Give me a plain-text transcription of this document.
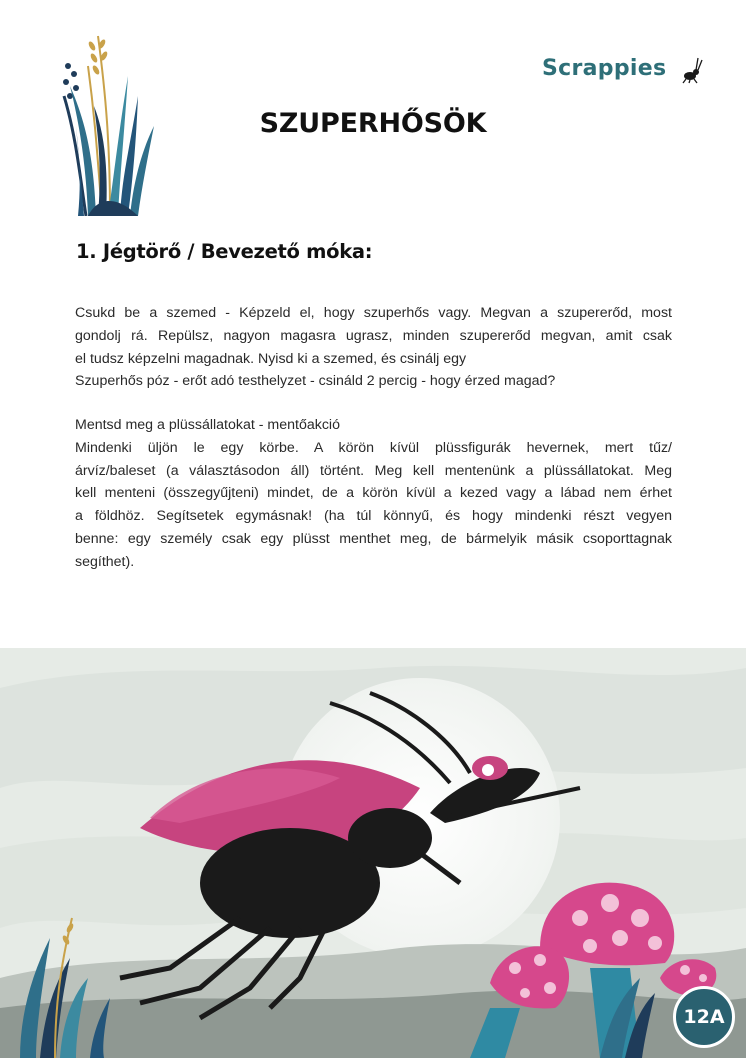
Scrappies
SZUPERHŐSÖK
1. Jégtörő / Bevezető móka:
Csukd be a szemed - Képzeld el, hogy szuperhős vagy. Megvan a szupererőd, most
gondolj rá. Repülsz, nagyon magasra ugrasz, minden szupererőd megvan, amit csak
el tudsz képzelni magadnak. Nyisd ki a szemed, és csinálj egy
Szuperhős póz - erőt adó testhelyzet - csináld 2 percig - hogy érzed magad?
Mentsd meg a plüssállatokat - mentőakció
Mindenki üljön le egy körbe. A körön kívül plüssfigurák hevernek, mert tűz/
árvíz/baleset (a választásodon áll) történt. Meg kell mentenünk a plüssállatokat. Meg
kell menteni (összegyűjteni) mindet, de a körön kívül a kezed vagy a lábad nem érhet
a földhöz. Segítsetek egymásnak! (ha túl könnyű, és hogy mindenki részt vegyen
benne: egy személy csak egy plüsst menthet meg, de bármelyik másik csoporttagnak
segíthet).
12A
